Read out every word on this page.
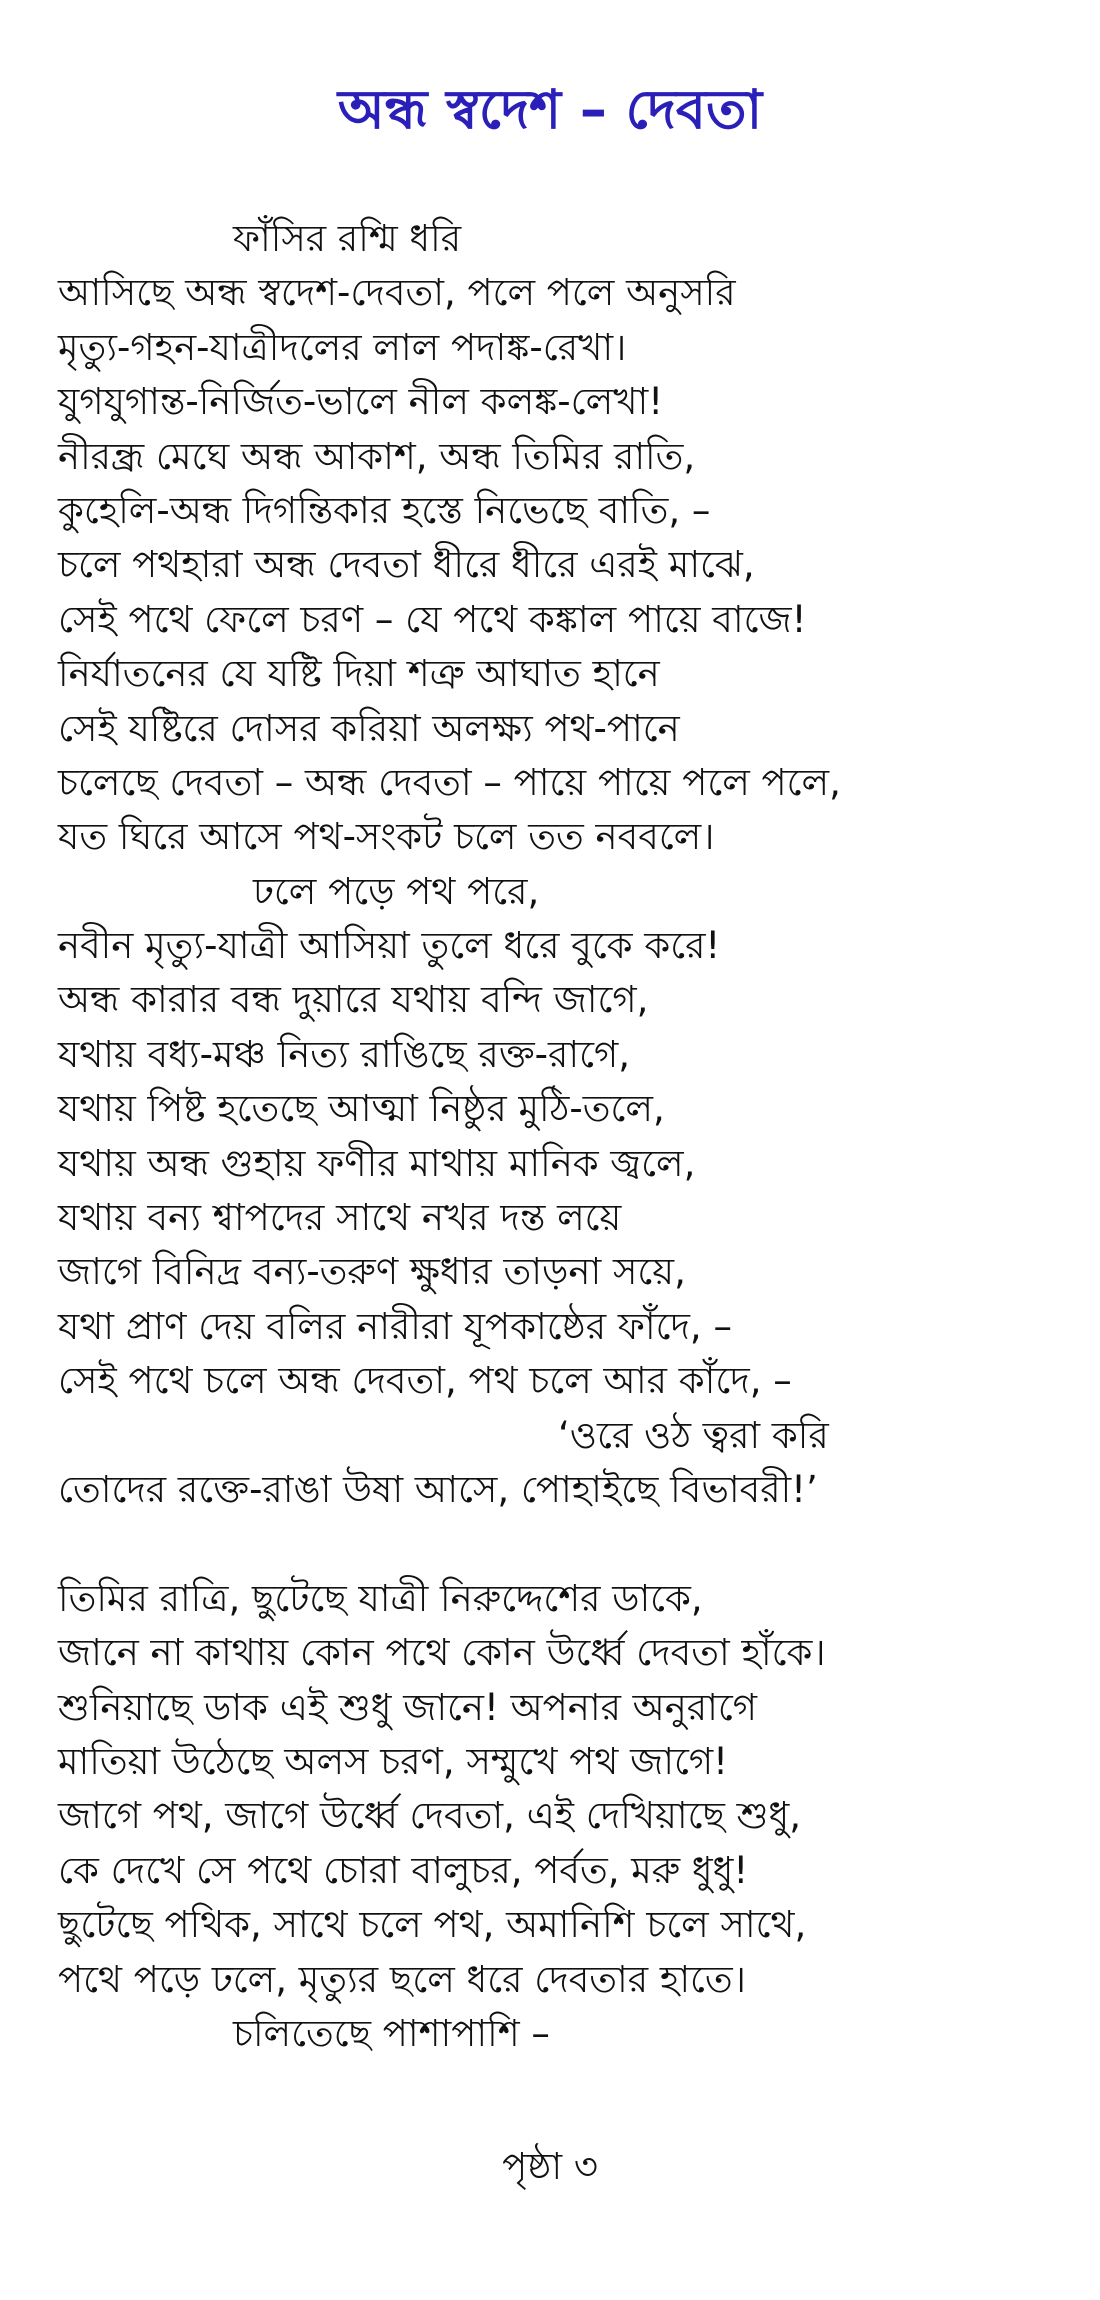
অন্ধ স্বদেশ – দেবতা
ফাঁসির রশ্মি ধরি
আসিছে অন্ধ স্বদেশ-দেবতা, পলে পলে অনুসরি
মৃত্যু-গহন-যাত্রীদলের লাল পদাঙ্ক-রেখা।
যুগযুগান্ত-নির্জিত-ভালে নীল কলঙ্ক-লেখা!
নীরন্ধ্র মেঘে অন্ধ আকাশ, অন্ধ তিমির রাতি,
কুহেলি-অন্ধ দিগন্তিকার হস্তে নিভেছে বাতি, –
চলে পথহারা অন্ধ দেবতা ধীরে ধীরে এরই মাঝে,
সেই পথে ফেলে চরণ – যে পথে কঙ্কাল পায়ে বাজে!
নির্যাতনের যে যষ্টি দিয়া শত্রু আঘাত হানে
সেই যষ্টিরে দোসর করিয়া অলক্ষ্য পথ-পানে
চলেছে দেবতা – অন্ধ দেবতা – পায়ে পায়ে পলে পলে,
যত ঘিরে আসে পথ-সংকট চলে তত নববলে।
ঢলে পড়ে পথ পরে,
নবীন মৃত্যু-যাত্রী আসিয়া তুলে ধরে বুকে করে!
অন্ধ কারার বন্ধ দুয়ারে যথায় বন্দি জাগে,
যথায় বধ্য-মঞ্চ নিত্য রাঙিছে রক্ত-রাগে,
যথায় পিষ্ট হতেছে আত্মা নিষ্ঠুর মুঠি-তলে,
যথায় অন্ধ গুহায় ফণীর মাথায় মানিক জ্বলে,
যথায় বন্য শ্বাপদের সাথে নখর দন্ত লয়ে
জাগে বিনিদ্র বন্য-তরুণ ক্ষুধার তাড়না সয়ে,
যথা প্রাণ দেয় বলির নারীরা যূপকাষ্ঠের ফাঁদে, –
সেই পথে চলে অন্ধ দেবতা, পথ চলে আর কাঁদে, –
‘ওরে ওঠ ত্বরা করি
তোদের রক্তে-রাঙা উষা আসে, পোহাইছে বিভাবরী!’
তিমির রাত্রি, ছুটেছে যাত্রী নিরুদ্দেশের ডাকে,
জানে না কাথায় কোন পথে কোন উর্ধ্বে দেবতা হাঁকে।
শুনিয়াছে ডাক এই শুধু জানে! অপনার অনুরাগে
মাতিয়া উঠেছে অলস চরণ, সম্মুখে পথ জাগে!
জাগে পথ, জাগে উর্ধ্বে দেবতা, এই দেখিয়াছে শুধু,
কে দেখে সে পথে চোরা বালুচর, পর্বত, মরু ধুধু!
ছুটেছে পথিক, সাথে চলে পথ, অমানিশি চলে সাথে,
পথে পড়ে ঢলে, মৃত্যুর ছলে ধরে দেবতার হাতে।
চলিতেছে পাশাপাশি –
পৃষ্ঠা ৩
